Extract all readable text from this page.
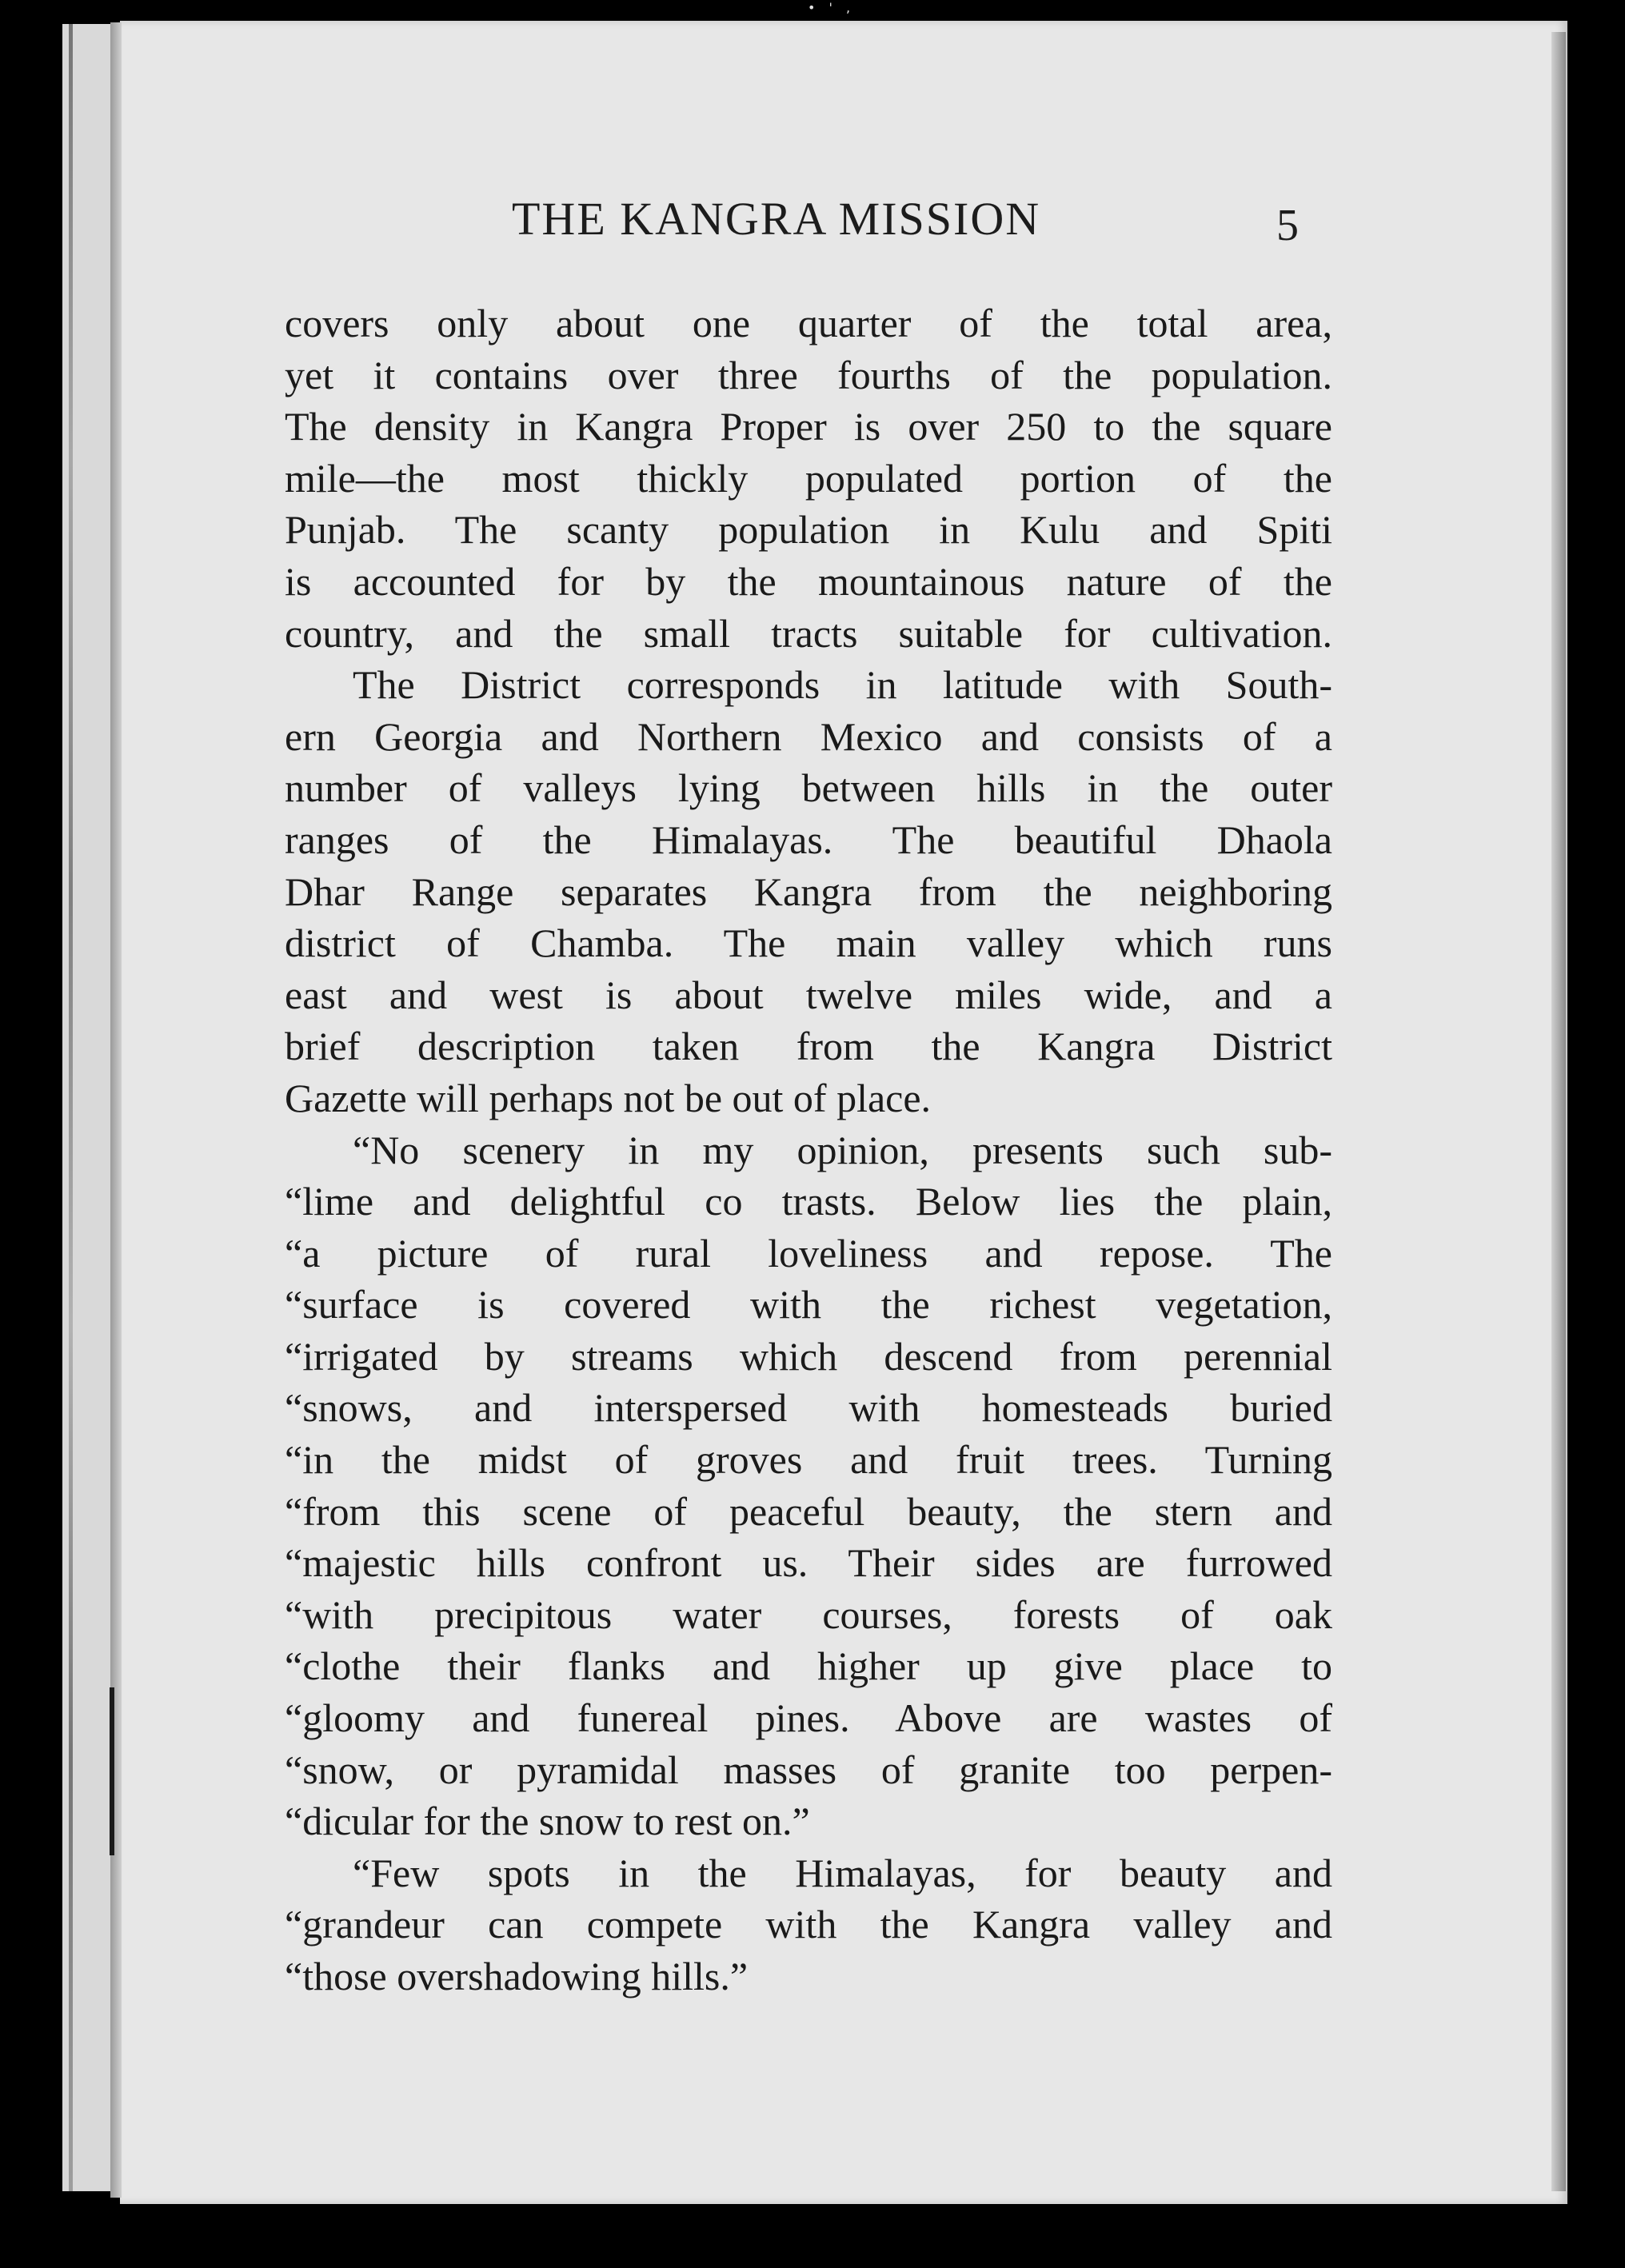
• ' ,
THE KANGRA MISSION	5
covers only about one quarter of the total area,
yet it contains over three fourths of the population.
The density in Kangra Proper is over 250 to the square
mile—the most thickly populated portion of the
Punjab. The scanty population in Kulu and Spiti
is accounted for by the mountainous nature of the
country, and the small tracts suitable for cultivation.
The District corresponds in latitude with South-
ern Georgia and Northern Mexico and consists of a
number of valleys lying between hills in the outer
ranges of the Himalayas. The beautiful Dhaola
Dhar Range separates Kangra from the neighboring
district of Chamba. The main valley which runs
east and west is about twelve miles wide, and a
brief description taken from the Kangra District
Gazette will perhaps not be out of place.
“No scenery in my opinion, presents such sub-
“lime and delightful co trasts. Below lies the plain,
“a picture of rural loveliness and repose. The
“surface is covered with the richest vegetation,
“irrigated by streams which descend from perennial
“snows, and interspersed with homesteads buried
“in the midst of groves and fruit trees. Turning
“from this scene of peaceful beauty, the stern and
“majestic hills confront us. Their sides are furrowed
“with precipitous water courses, forests of oak
“clothe their flanks and higher up give place to
“gloomy and funereal pines. Above are wastes of
“snow, or pyramidal masses of granite too perpen-
“dicular for the snow to rest on.”
“Few spots in the Himalayas, for beauty and
“grandeur can compete with the Kangra valley and
“those overshadowing hills.”
